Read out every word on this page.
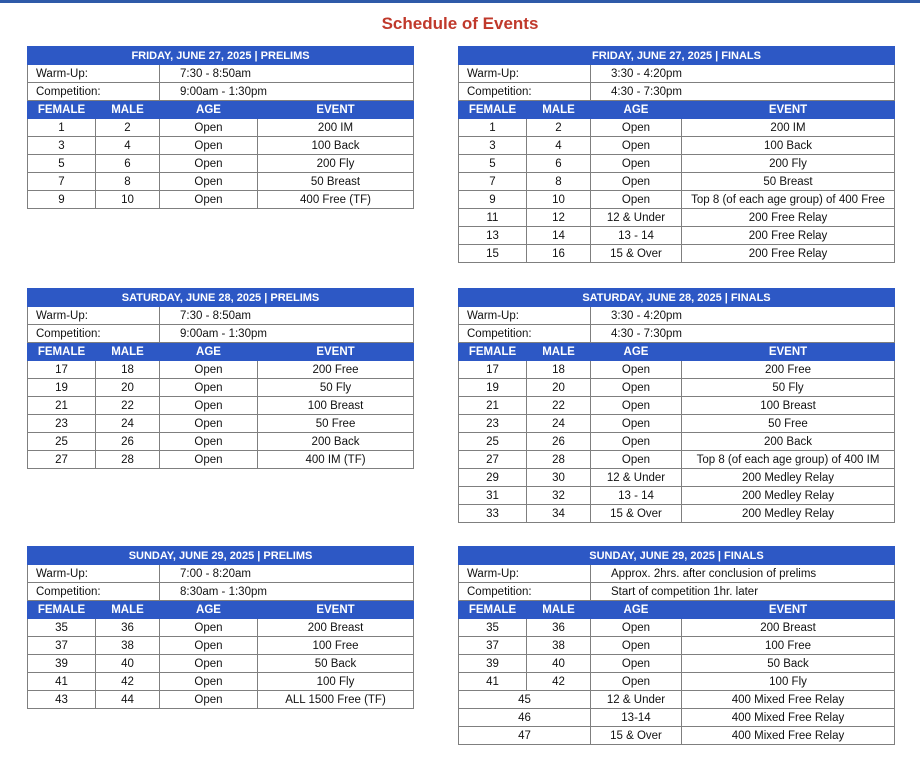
Schedule of Events
FRIDAY, JUNE 27, 2025 | PRELIMS			
Warm-Up:		7:30 - 8:50am	
Competition:		9:00am - 1:30pm	
FEMALE	MALE	AGE	EVENT
1	2	Open	200 IM
3	4	Open	100 Back
5	6	Open	200 Fly
7	8	Open	50 Breast
9	10	Open	400 Free (TF)
FRIDAY, JUNE 27, 2025 | FINALS			
Warm-Up:		3:30 - 4:20pm	
Competition:		4:30 - 7:30pm	
FEMALE	MALE	AGE	EVENT
1	2	Open	200 IM
3	4	Open	100 Back
5	6	Open	200 Fly
7	8	Open	50 Breast
9	10	Open	Top 8 (of each age group) of 400 Free
11	12	12 & Under	200 Free Relay
13	14	13 - 14	200 Free Relay
15	16	15 & Over	200 Free Relay
SATURDAY, JUNE 28, 2025 | PRELIMS			
Warm-Up:		7:30 - 8:50am	
Competition:		9:00am - 1:30pm	
FEMALE	MALE	AGE	EVENT
17	18	Open	200 Free
19	20	Open	50 Fly
21	22	Open	100 Breast
23	24	Open	50 Free
25	26	Open	200 Back
27	28	Open	400 IM (TF)
SATURDAY, JUNE 28, 2025 | FINALS			
Warm-Up:		3:30 - 4:20pm	
Competition:		4:30 - 7:30pm	
FEMALE	MALE	AGE	EVENT
17	18	Open	200 Free
19	20	Open	50 Fly
21	22	Open	100 Breast
23	24	Open	50 Free
25	26	Open	200 Back
27	28	Open	Top 8 (of each age group) of 400 IM
29	30	12 & Under	200 Medley Relay
31	32	13 - 14	200 Medley Relay
33	34	15 & Over	200 Medley Relay
SUNDAY, JUNE 29, 2025 | PRELIMS			
Warm-Up:		7:00 - 8:20am	
Competition:		8:30am - 1:30pm	
FEMALE	MALE	AGE	EVENT
35	36	Open	200 Breast
37	38	Open	100 Free
39	40	Open	50 Back
41	42	Open	100 Fly
43	44	Open	ALL 1500 Free (TF)
SUNDAY, JUNE 29, 2025 | FINALS			
Warm-Up:		Approx. 2hrs. after conclusion of prelims	
Competition:		Start of competition 1hr. later	
FEMALE	MALE	AGE	EVENT
35	36	Open	200 Breast
37	38	Open	100 Free
39	40	Open	50 Back
41	42	Open	100 Fly
45		12 & Under	400 Mixed Free Relay
46		13-14	400 Mixed Free Relay
47		15 & Over	400 Mixed Free Relay
